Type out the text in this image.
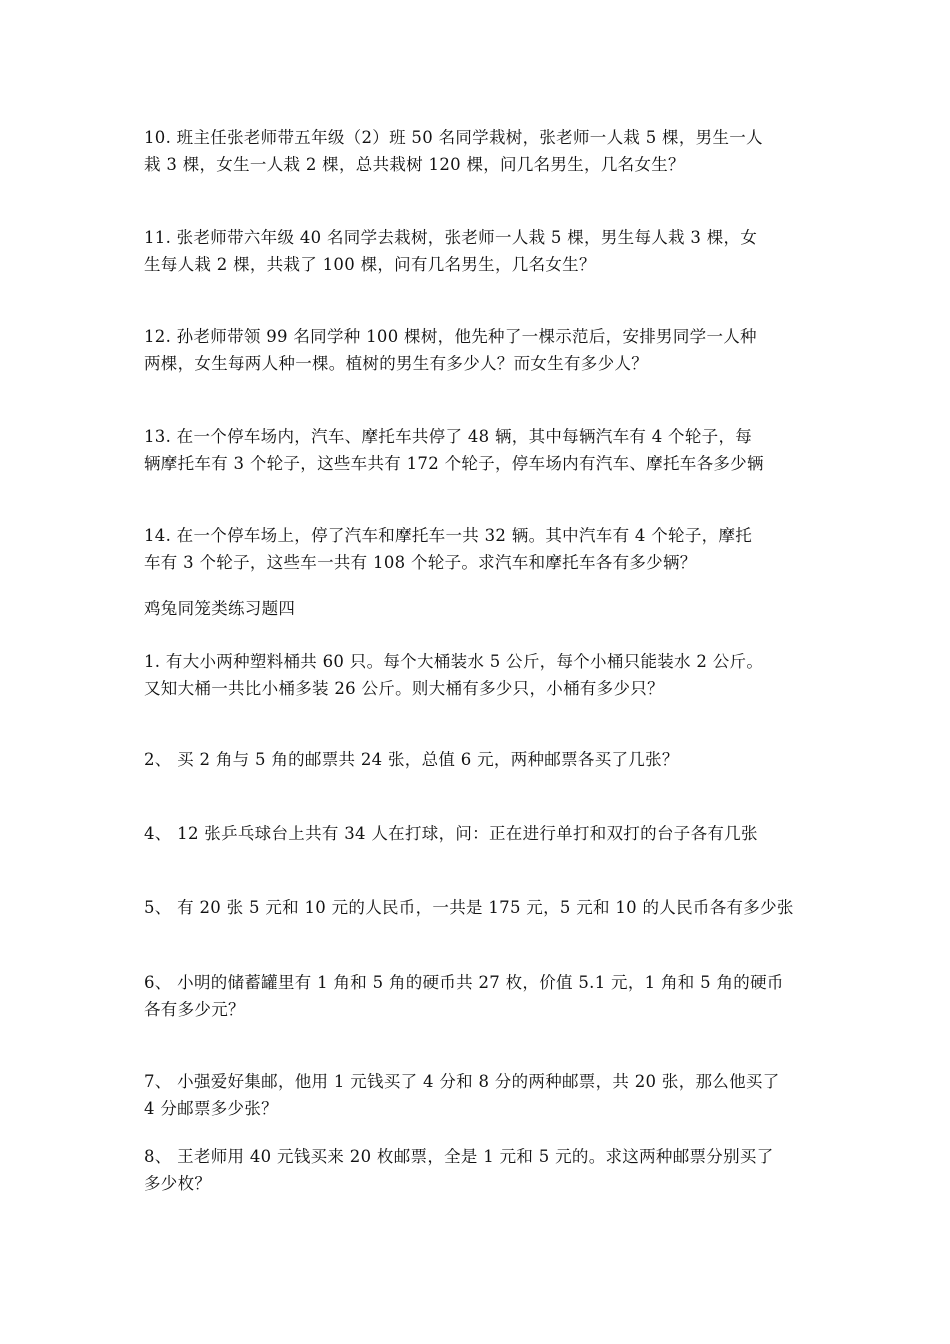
10. 班主任张老师带五年级（2）班 50 名同学栽树，张老师一人栽 5 棵，男生一人
栽 3 棵，女生一人栽 2 棵，总共栽树 120 棵，问几名男生，几名女生？
11. 张老师带六年级 40 名同学去栽树，张老师一人栽 5 棵，男生每人栽 3 棵，女
生每人栽 2 棵，共栽了 100 棵，问有几名男生，几名女生？
12. 孙老师带领 99 名同学种 100 棵树，他先种了一棵示范后，安排男同学一人种
两棵，女生每两人种一棵。植树的男生有多少人？而女生有多少人？
13. 在一个停车场内，汽车、摩托车共停了 48 辆，其中每辆汽车有 4 个轮子，每
辆摩托车有 3 个轮子，这些车共有 172 个轮子，停车场内有汽车、摩托车各多少辆
14. 在一个停车场上，停了汽车和摩托车一共 32 辆。其中汽车有 4 个轮子，摩托
车有 3 个轮子，这些车一共有 108 个轮子。求汽车和摩托车各有多少辆？
鸡兔同笼类练习题四
1. 有大小两种塑料桶共 60 只。每个大桶装水 5 公斤，每个小桶只能装水 2 公斤。
又知大桶一共比小桶多装 26 公斤。则大桶有多少只，小桶有多少只？
2、 买 2 角与 5 角的邮票共 24 张，总值 6 元，两种邮票各买了几张？
4、 12 张乒乓球台上共有 34 人在打球，问：正在进行单打和双打的台子各有几张
5、 有 20 张 5 元和 10 元的人民币，一共是 175 元，5 元和 10 的人民币各有多少张
6、 小明的储蓄罐里有 1 角和 5 角的硬币共 27 枚，价值 5.1 元，1 角和 5 角的硬币
各有多少元？
7、 小强爱好集邮，他用 1 元钱买了 4 分和 8 分的两种邮票，共 20 张，那么他买了
4 分邮票多少张？
8、 王老师用 40 元钱买来 20 枚邮票，全是 1 元和 5 元的。求这两种邮票分别买了
多少枚？
